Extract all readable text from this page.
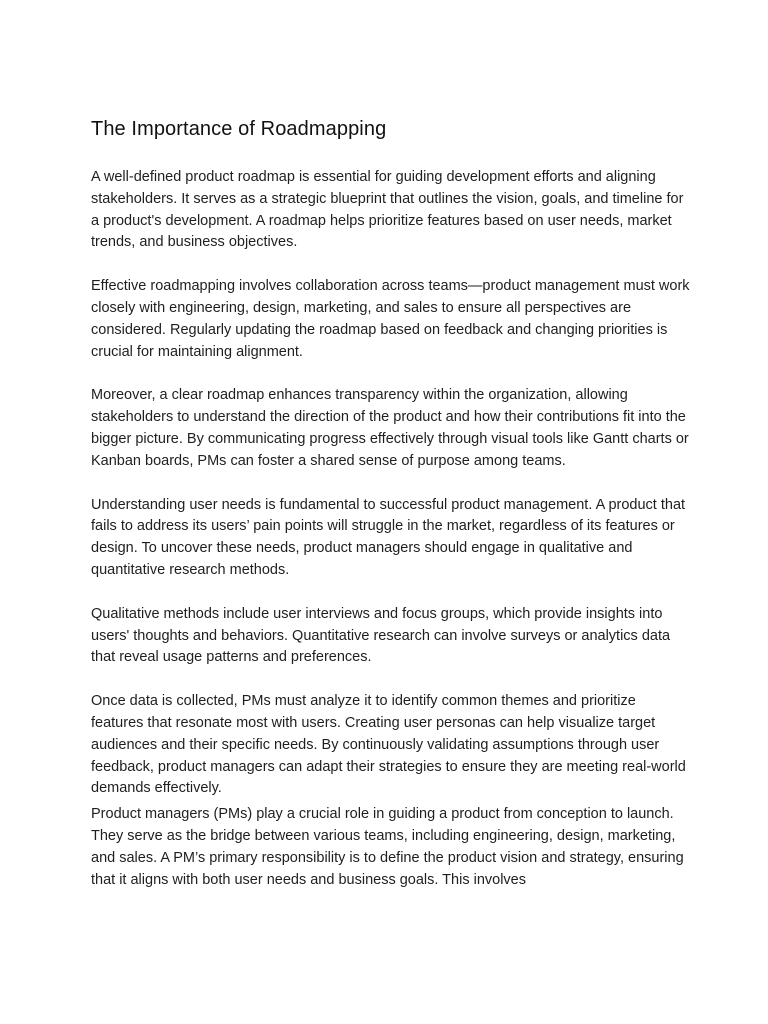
The Importance of Roadmapping

A well-defined product roadmap is essential for guiding development efforts and aligning stakeholders. It serves as a strategic blueprint that outlines the vision, goals, and timeline for a product's development. A roadmap helps prioritize features based on user needs, market trends, and business objectives.

Effective roadmapping involves collaboration across teams—product management must work closely with engineering, design, marketing, and sales to ensure all perspectives are considered. Regularly updating the roadmap based on feedback and changing priorities is crucial for maintaining alignment.

Moreover, a clear roadmap enhances transparency within the organization, allowing stakeholders to understand the direction of the product and how their contributions fit into the bigger picture. By communicating progress effectively through visual tools like Gantt charts or Kanban boards, PMs can foster a shared sense of purpose among teams.

Understanding user needs is fundamental to successful product management. A product that fails to address its users’ pain points will struggle in the market, regardless of its features or design. To uncover these needs, product managers should engage in qualitative and quantitative research methods.

Qualitative methods include user interviews and focus groups, which provide insights into users' thoughts and behaviors. Quantitative research can involve surveys or analytics data that reveal usage patterns and preferences.

Once data is collected, PMs must analyze it to identify common themes and prioritize features that resonate most with users. Creating user personas can help visualize target audiences and their specific needs. By continuously validating assumptions through user feedback, product managers can adapt their strategies to ensure they are meeting real-world demands effectively.

Product managers (PMs) play a crucial role in guiding a product from conception to launch. They serve as the bridge between various teams, including engineering, design, marketing, and sales. A PM’s primary responsibility is to define the product vision and strategy, ensuring that it aligns with both user needs and business goals. This involves
